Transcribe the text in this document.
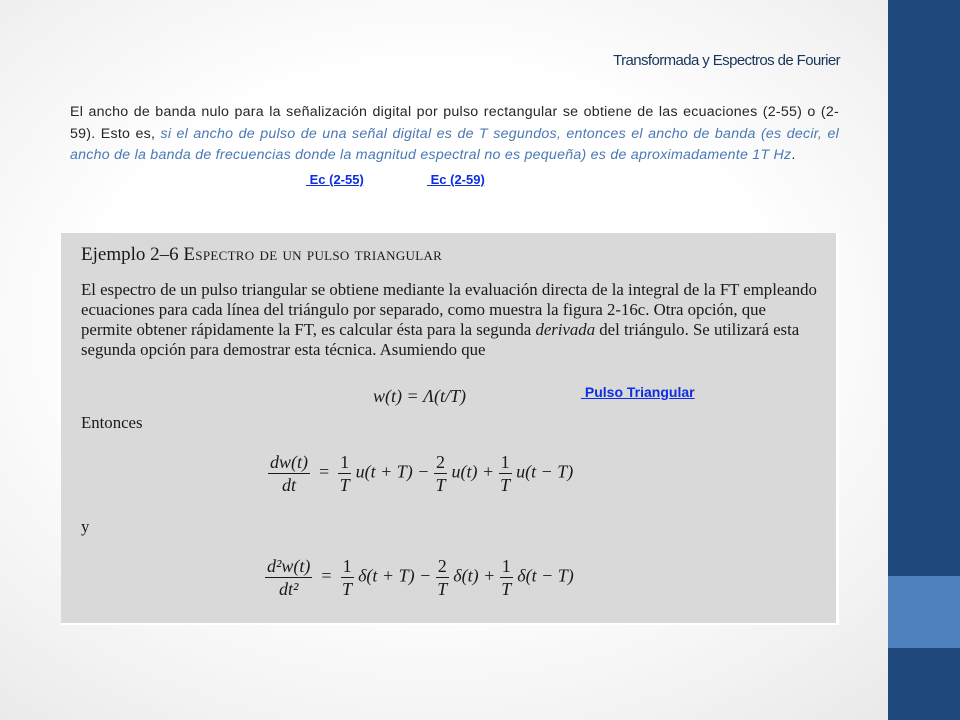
Transformada y Espectros de Fourier

El ancho de banda nulo para la señalización digital por pulso rectangular se obtiene de las ecuaciones (2-55) o (2-59). Esto es, si el ancho de pulso de una señal digital es de T segundos, entonces el ancho de banda (es decir, el ancho de la banda de frecuencias donde la magnitud espectral no es pequeña) es de aproximadamente 1T Hz.

Ec (2-55)	Ec (2-59)
Ejemplo 2–6 Espectro de un pulso triangular

El espectro de un pulso triangular se obtiene mediante la evaluación directa de la integral de la FT empleando ecuaciones para cada línea del triángulo por separado, como muestra la figura 2-16c. Otra opción, que permite obtener rápidamente la FT, es calcular ésta para la segunda derivada del triángulo. Se utilizará esta segunda opción para demostrar esta técnica. Asumiendo que

w(t) = Λ(t/T)	Pulso Triangular
Entonces
$\frac{dw(t)}{dt} = \frac{1}{T} u(t + T) - \frac{2}{T} u(t) + \frac{1}{T} u(t - T)$
y
$\frac{\text{d²w(t)}}{\text{dt²}} = \frac{1}{T} \delta(t + T) - \frac{2}{T} \delta(t) + \frac{1}{T} \delta(t - T)$
